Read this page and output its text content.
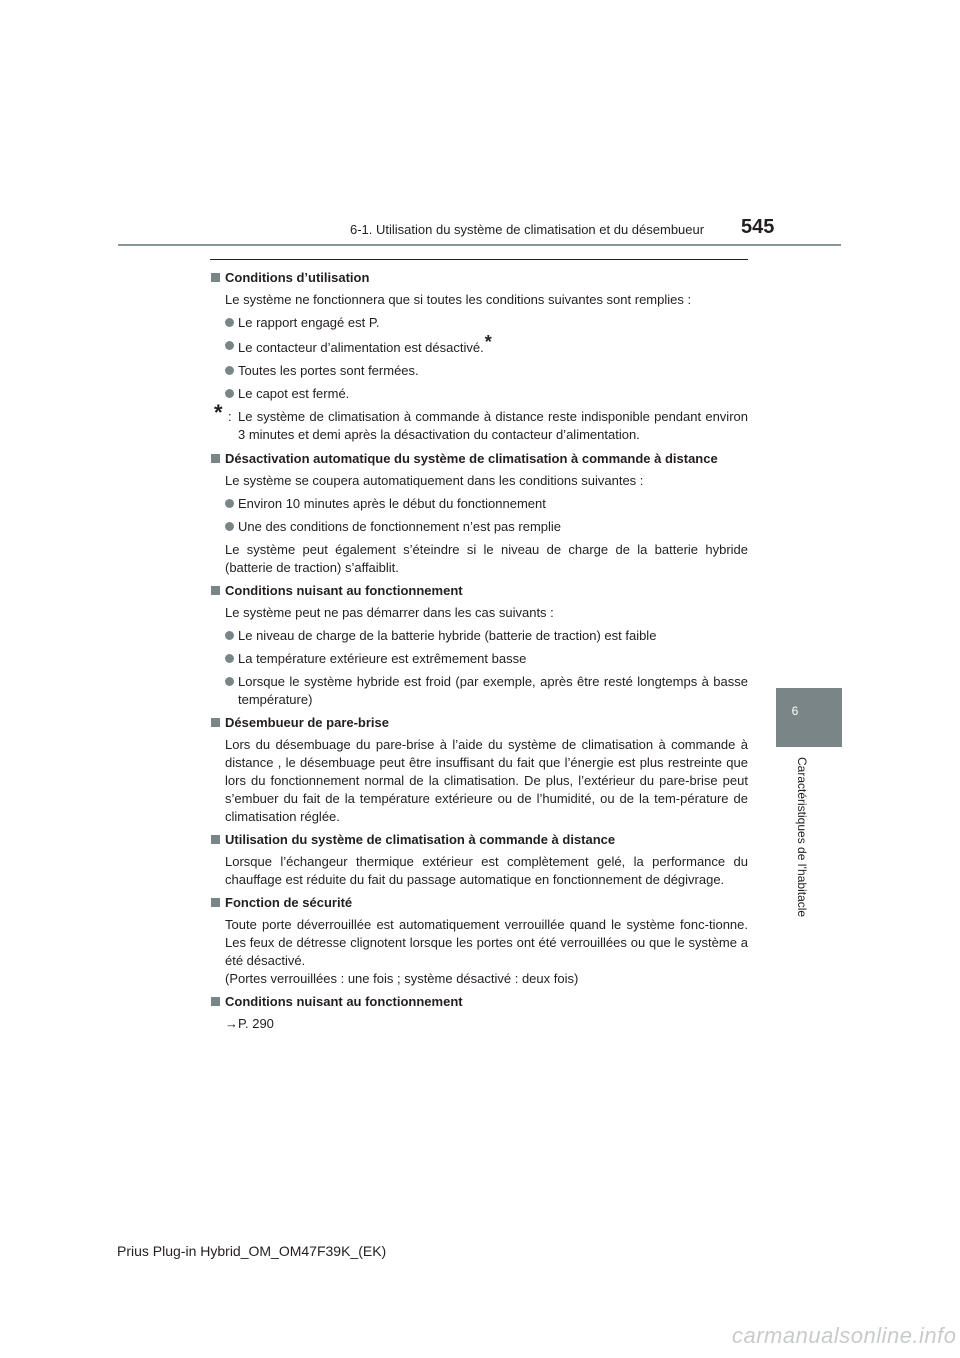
6-1. Utilisation du système de climatisation et du désembueur 545
6
Caractéristiques de l’habitacle
Conditions d’utilisation
Le système ne fonctionnera que si toutes les conditions suivantes sont remplies :
Le rapport engagé est P.
Le contacteur d’alimentation est désactivé.*
Toutes les portes sont fermées.
Le capot est fermé.
* : Le système de climatisation à commande à distance reste indisponible pendant environ 3 minutes et demi après la désactivation du contacteur d’alimentation.
Désactivation automatique du système de climatisation à commande à distance
Le système se coupera automatiquement dans les conditions suivantes :
Environ 10 minutes après le début du fonctionnement
Une des conditions de fonctionnement n’est pas remplie
Le système peut également s’éteindre si le niveau de charge de la batterie hybride (batterie de traction) s’affaiblit.
Conditions nuisant au fonctionnement
Le système peut ne pas démarrer dans les cas suivants :
Le niveau de charge de la batterie hybride (batterie de traction) est faible
La température extérieure est extrêmement basse
Lorsque le système hybride est froid (par exemple, après être resté longtemps à basse température)
Désembueur de pare-brise
Lors du désembuage du pare-brise à l’aide du système de climatisation à commande à distance , le désembuage peut être insuffisant du fait que l’énergie est plus restreinte que lors du fonctionnement normal de la climatisation. De plus, l’extérieur du pare-brise peut s’embuer du fait de la température extérieure ou de l’humidité, ou de la tem-pérature de climatisation réglée.
Utilisation du système de climatisation à commande à distance
Lorsque l’échangeur thermique extérieur est complètement gelé, la performance du chauffage est réduite du fait du passage automatique en fonctionnement de dégivrage.
Fonction de sécurité
Toute porte déverrouillée est automatiquement verrouillée quand le système fonc-tionne. Les feux de détresse clignotent lorsque les portes ont été verrouillées ou que le système a été désactivé.
(Portes verrouillées : une fois ; système désactivé : deux fois)
Conditions nuisant au fonctionnement
→P. 290
Prius Plug-in Hybrid_OM_OM47F39K_(EK)
carmanualsonline.info
